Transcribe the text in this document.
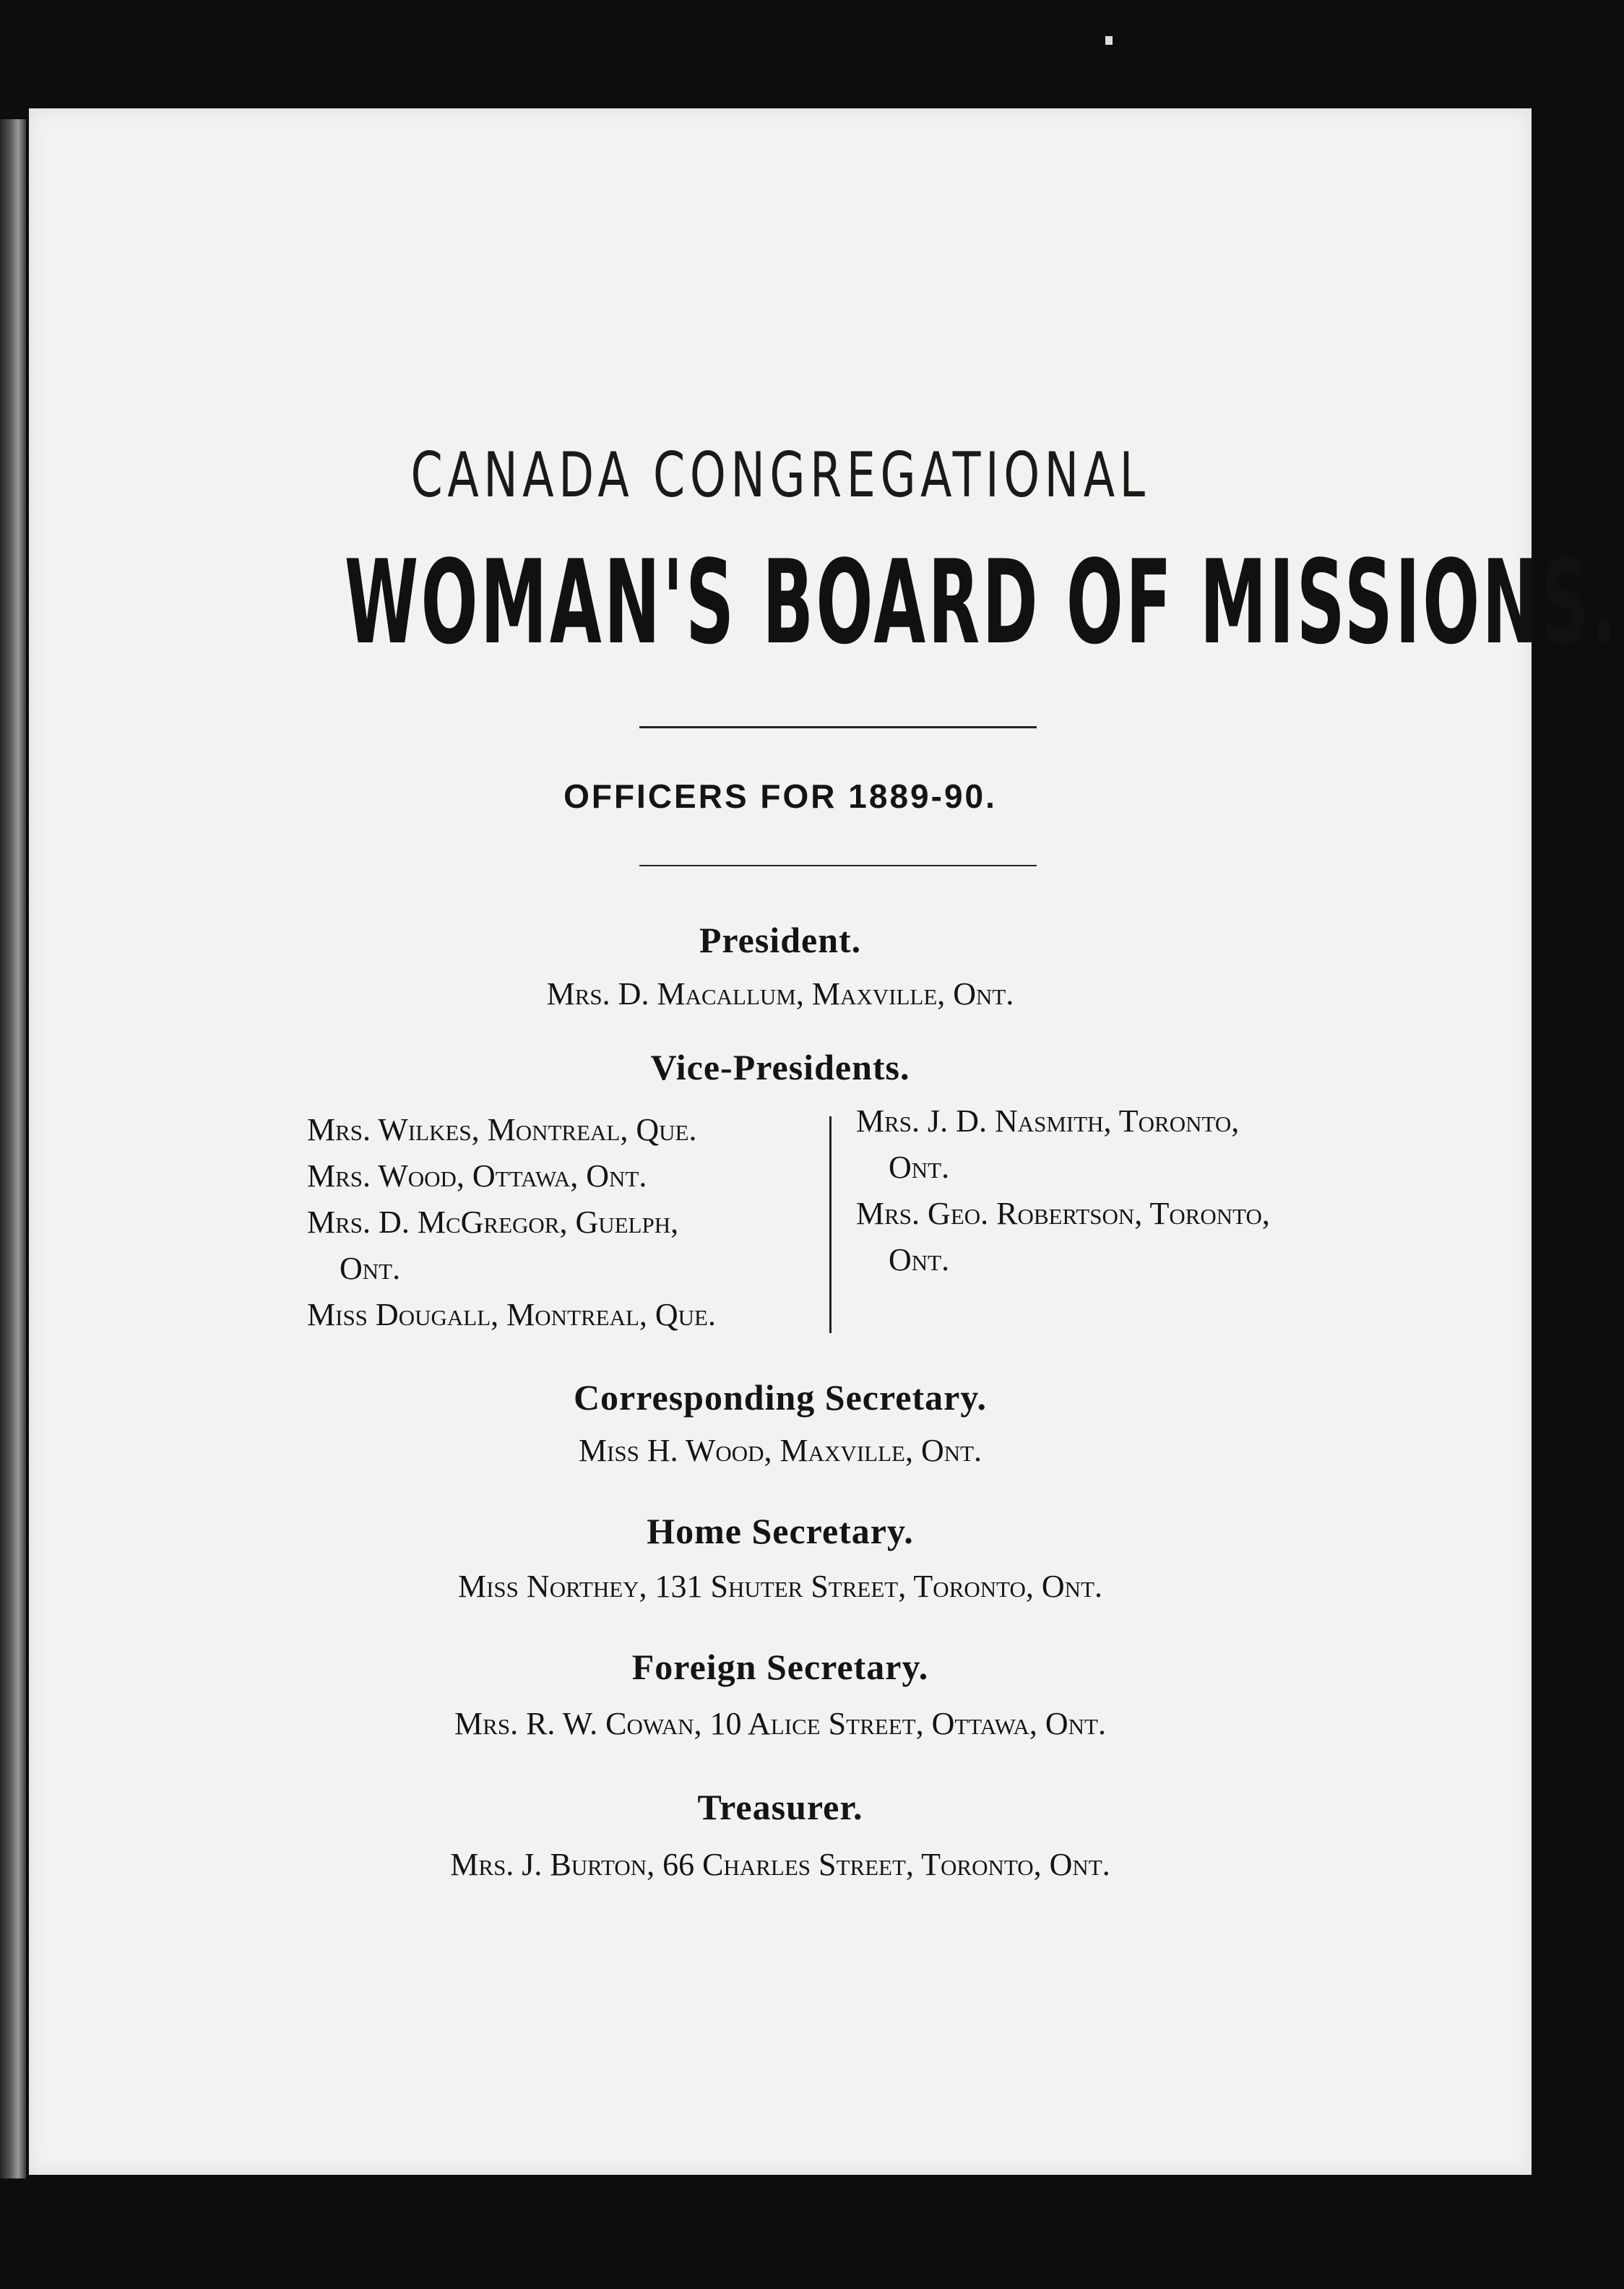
CANADA CONGREGATIONAL
WOMAN'S BOARD OF MISSIONS.
OFFICERS FOR 1889-90.
President.
Mrs. D. Macallum, Maxville, Ont.
Vice-Presidents.
Mrs. Wilkes, Montreal, Que.
Mrs. Wood, Ottawa, Ont.
Mrs. D. McGregor, Guelph,
Ont.
Miss Dougall, Montreal, Que.
Mrs. J. D. Nasmith, Toronto,
Ont.
Mrs. Geo. Robertson, Toronto,
Ont.
Corresponding Secretary.
Miss H. Wood, Maxville, Ont.
Home Secretary.
Miss Northey, 131 Shuter Street, Toronto, Ont.
Foreign Secretary.
Mrs. R. W. Cowan, 10 Alice Street, Ottawa, Ont.
Treasurer.
Mrs. J. Burton, 66 Charles Street, Toronto, Ont.
